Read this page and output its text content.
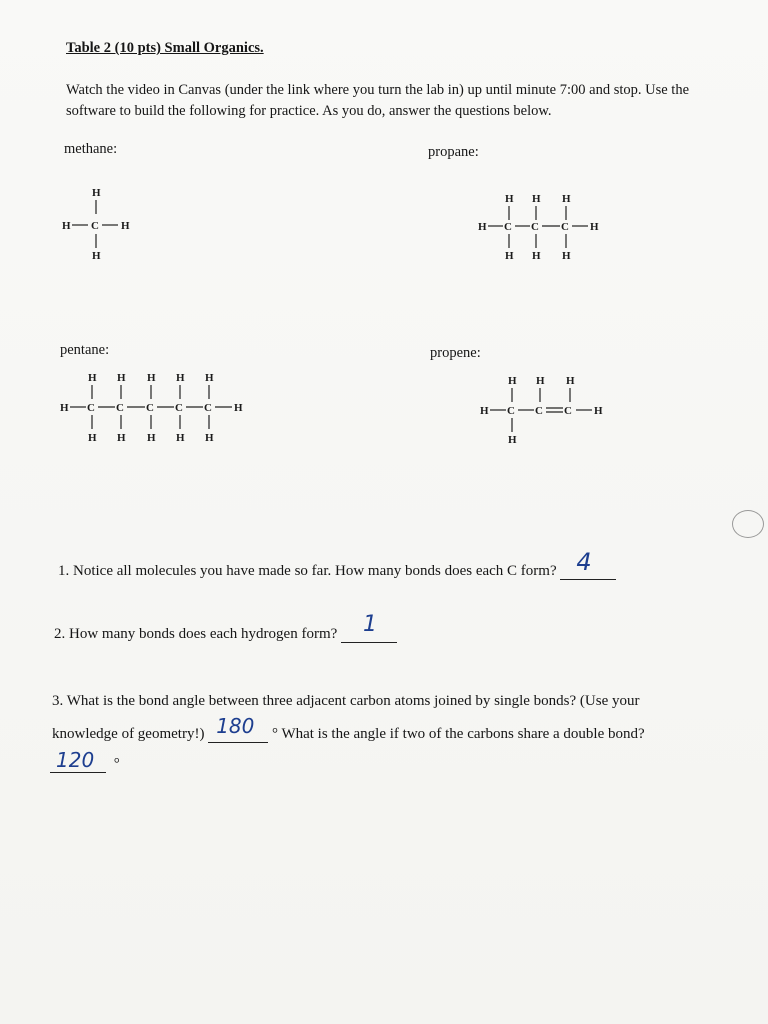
Table 2 (10 pts) Small Organics.
Watch the video in Canvas (under the link where you turn the lab in) up until minute 7:00 and stop. Use the software to build the following for practice. As you do, answer the questions below.
methane:	propane:
pentane:	propene:
H
H C H
H
H H H
H C C C H
H H H
H H H H H
H C C C C C H
H H H H H
H H H
H C C C H
H
1. Notice all molecules you have made so far. How many bonds does each C form? 4
2. How many bonds does each hydrogen form? 1
3. What is the bond angle between three adjacent carbon atoms joined by single bonds? (Use your
knowledge of geometry!) 180 ° What is the angle if two of the carbons share a double bond?
120 °
